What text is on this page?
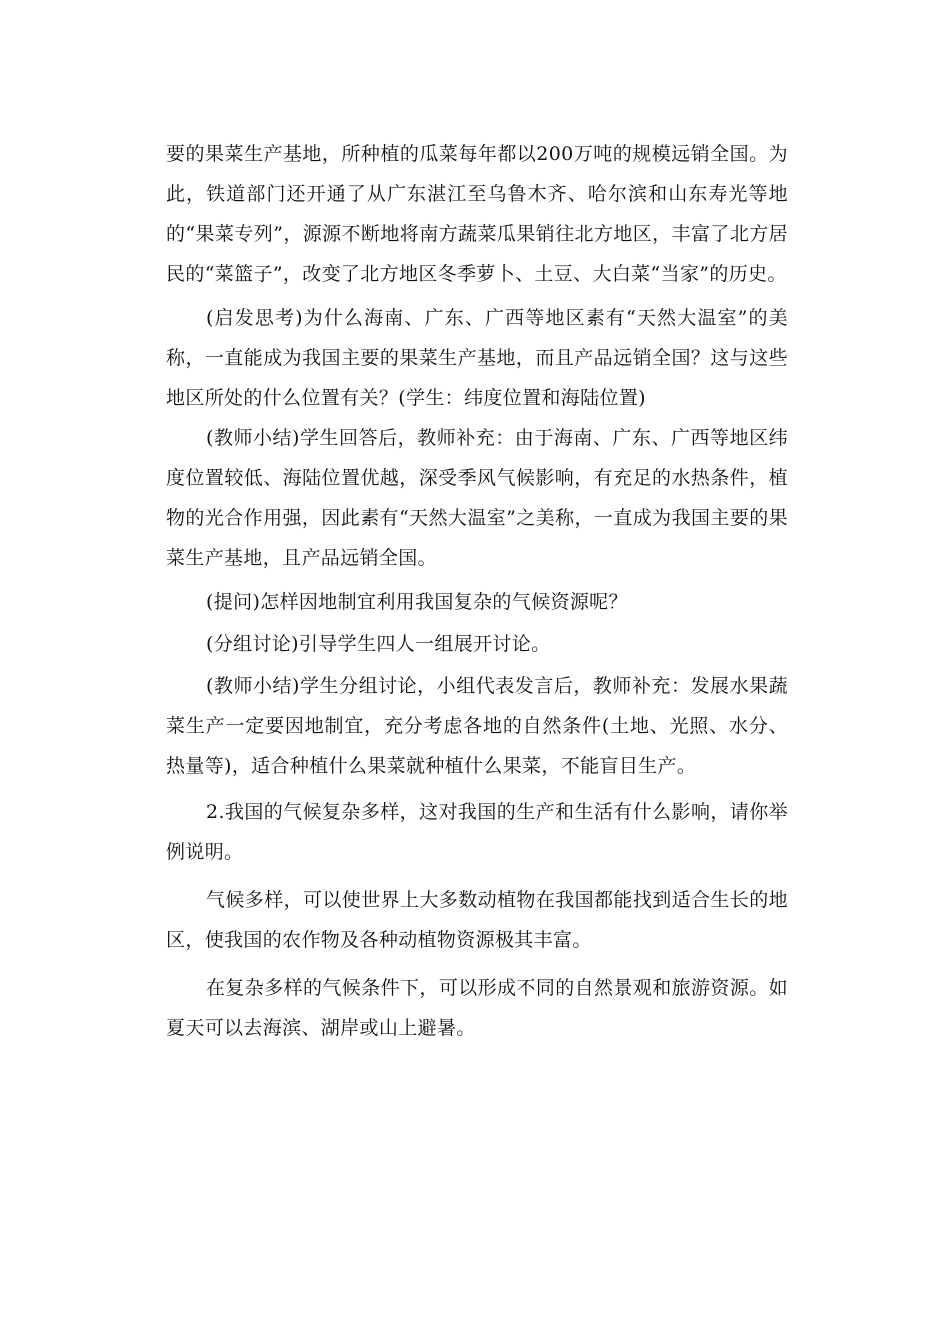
要的果菜生产基地，所种植的瓜菜每年都以200万吨的规模远销全国。为此，铁道部门还开通了从广东湛江至乌鲁木齐、哈尔滨和山东寿光等地的“果菜专列”，源源不断地将南方蔬菜瓜果销往北方地区，丰富了北方居民的“菜篮子”，改变了北方地区冬季萝卜、土豆、大白菜“当家”的历史。

(启发思考)为什么海南、广东、广西等地区素有“天然大温室”的美称，一直能成为我国主要的果菜生产基地，而且产品远销全国？这与这些地区所处的什么位置有关？(学生：纬度位置和海陆位置)

(教师小结)学生回答后，教师补充：由于海南、广东、广西等地区纬度位置较低、海陆位置优越，深受季风气候影响，有充足的水热条件，植物的光合作用强，因此素有“天然大温室”之美称，一直成为我国主要的果菜生产基地，且产品远销全国。

(提问)怎样因地制宜利用我国复杂的气候资源呢？

(分组讨论)引导学生四人一组展开讨论。

(教师小结)学生分组讨论，小组代表发言后，教师补充：发展水果蔬菜生产一定要因地制宜，充分考虑各地的自然条件(土地、光照、水分、热量等)，适合种植什么果菜就种植什么果菜，不能盲目生产。

2.我国的气候复杂多样，这对我国的生产和生活有什么影响，请你举例说明。

气候多样，可以使世界上大多数动植物在我国都能找到适合生长的地区，使我国的农作物及各种动植物资源极其丰富。

在复杂多样的气候条件下，可以形成不同的自然景观和旅游资源。如夏天可以去海滨、湖岸或山上避暑。
